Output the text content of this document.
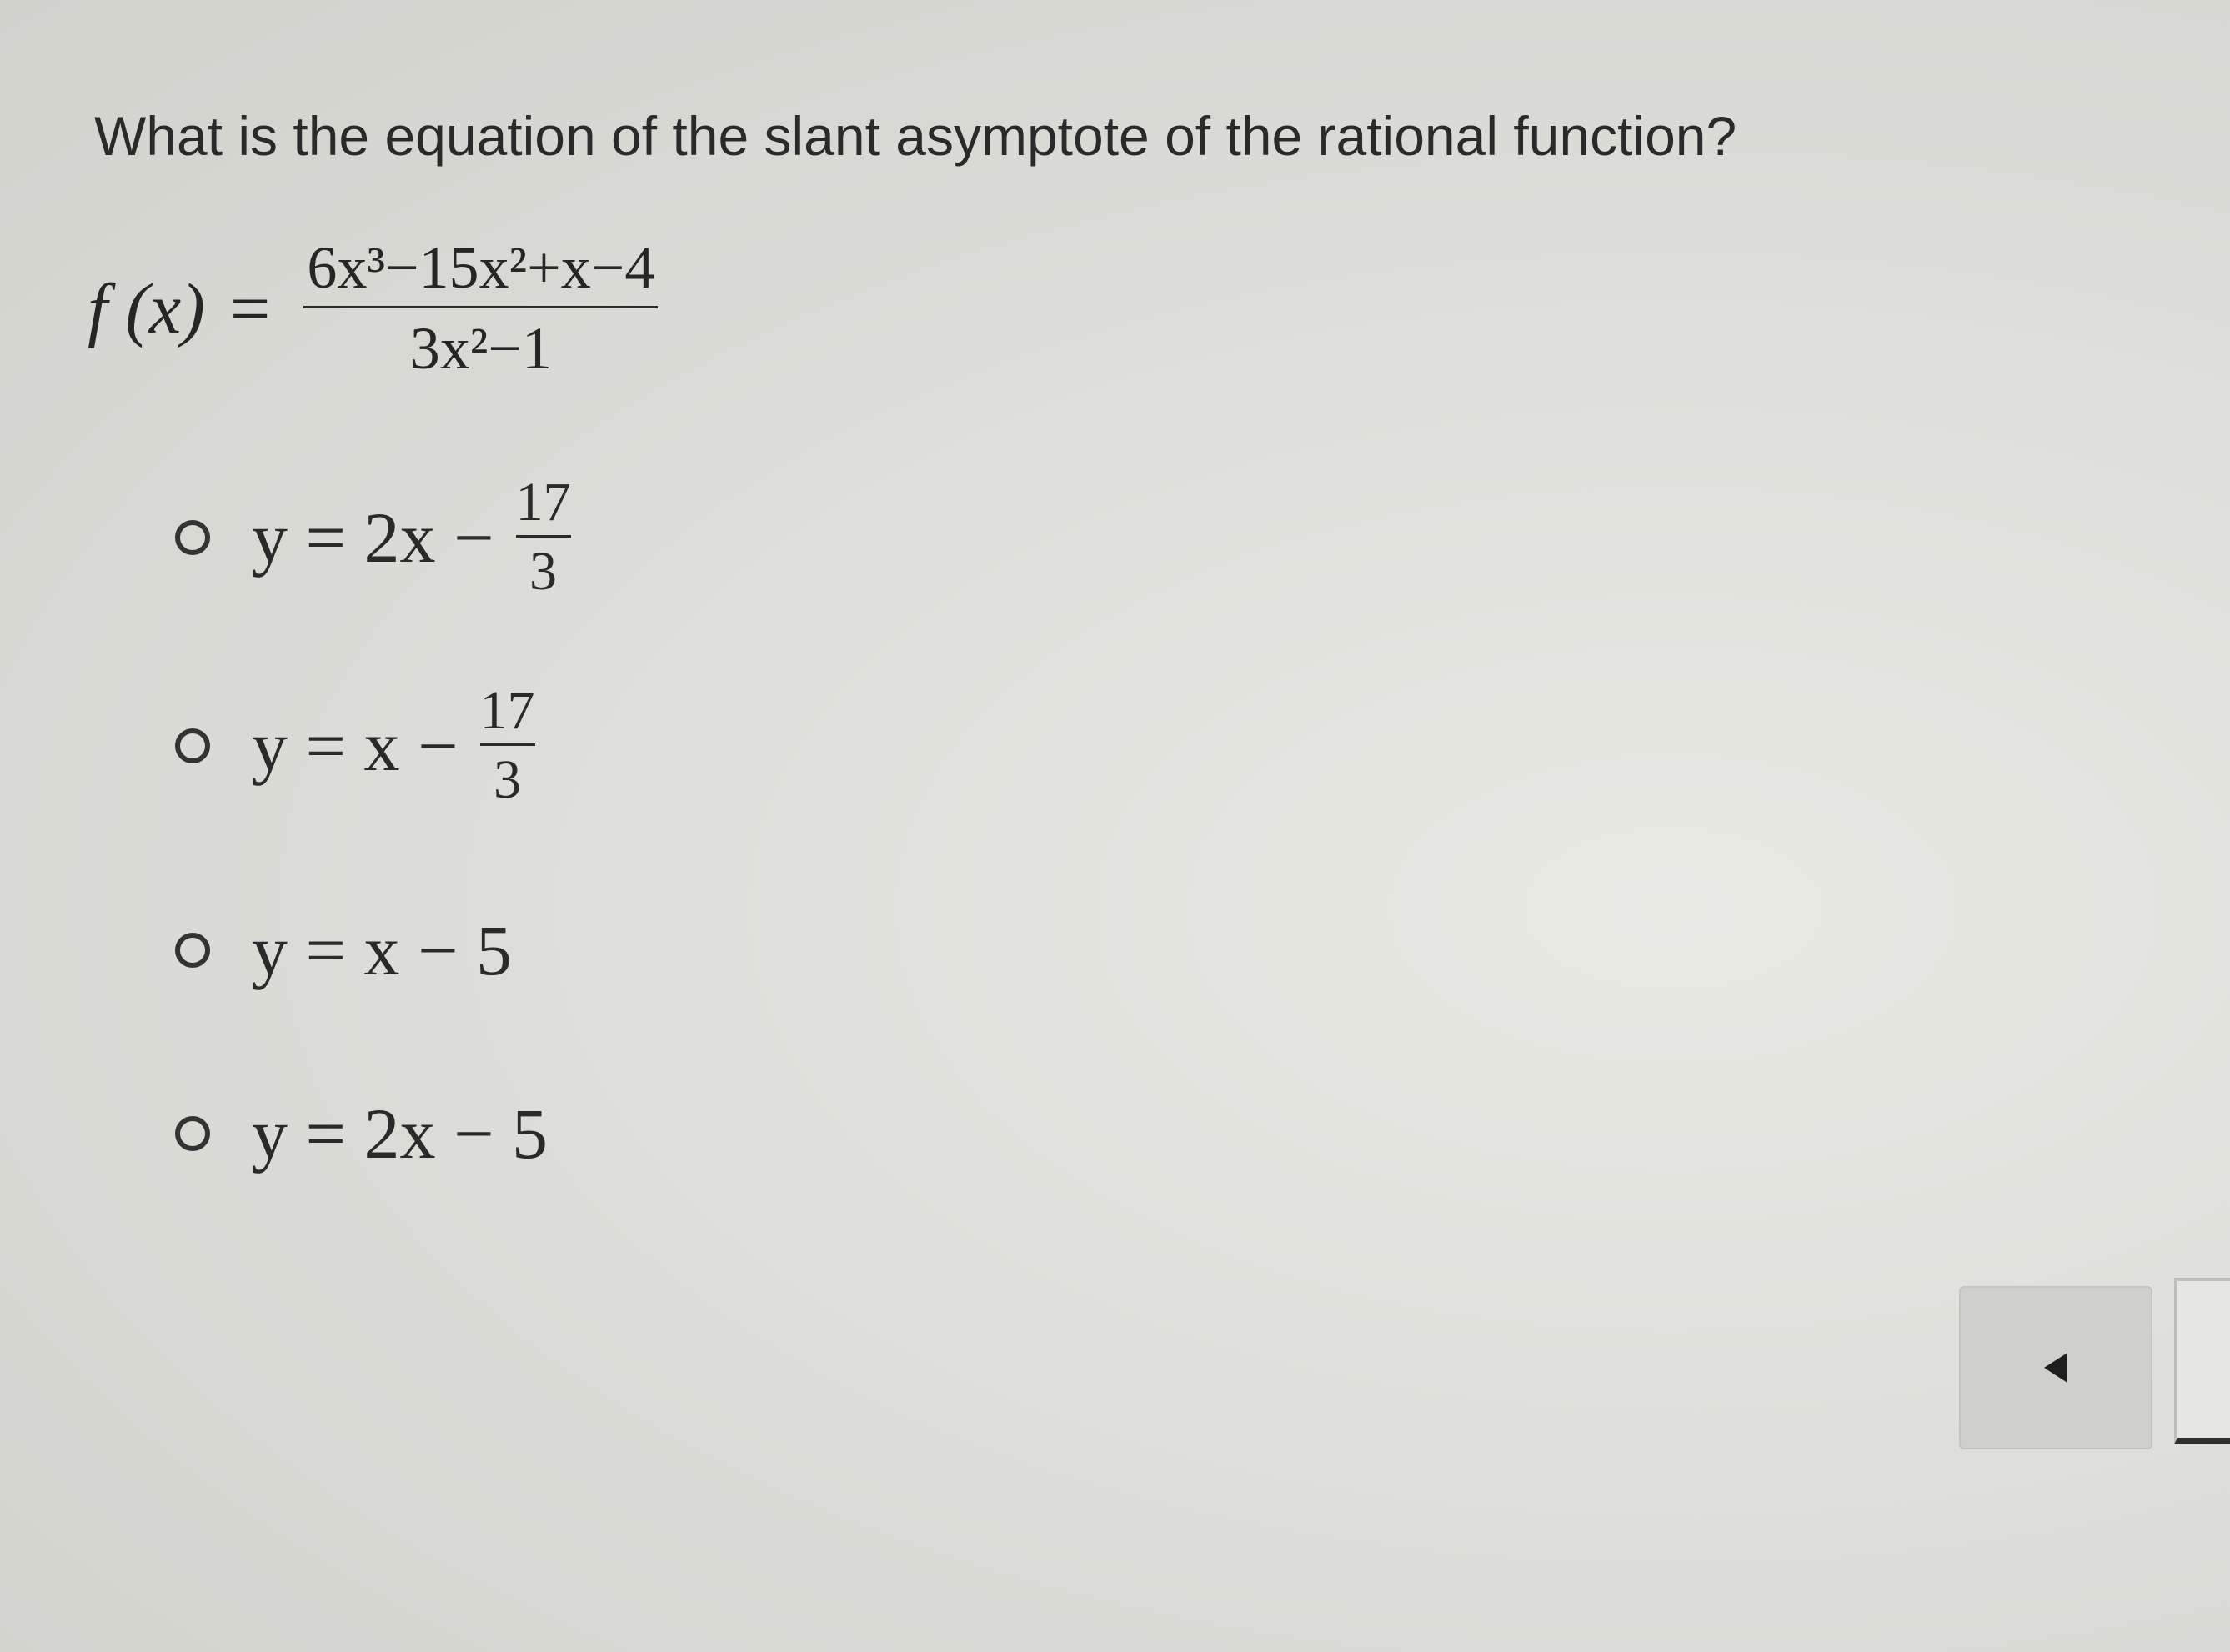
What is the equation of the slant asymptote of the rational function?
f $(x) = \frac{\text{6x³−15x²+x−4}}{\text{3x²−1}}$
$y = 2x - \frac{17}{3}$
$y = x - \frac{17}{3}$
y = x − 5
y = 2x − 5
